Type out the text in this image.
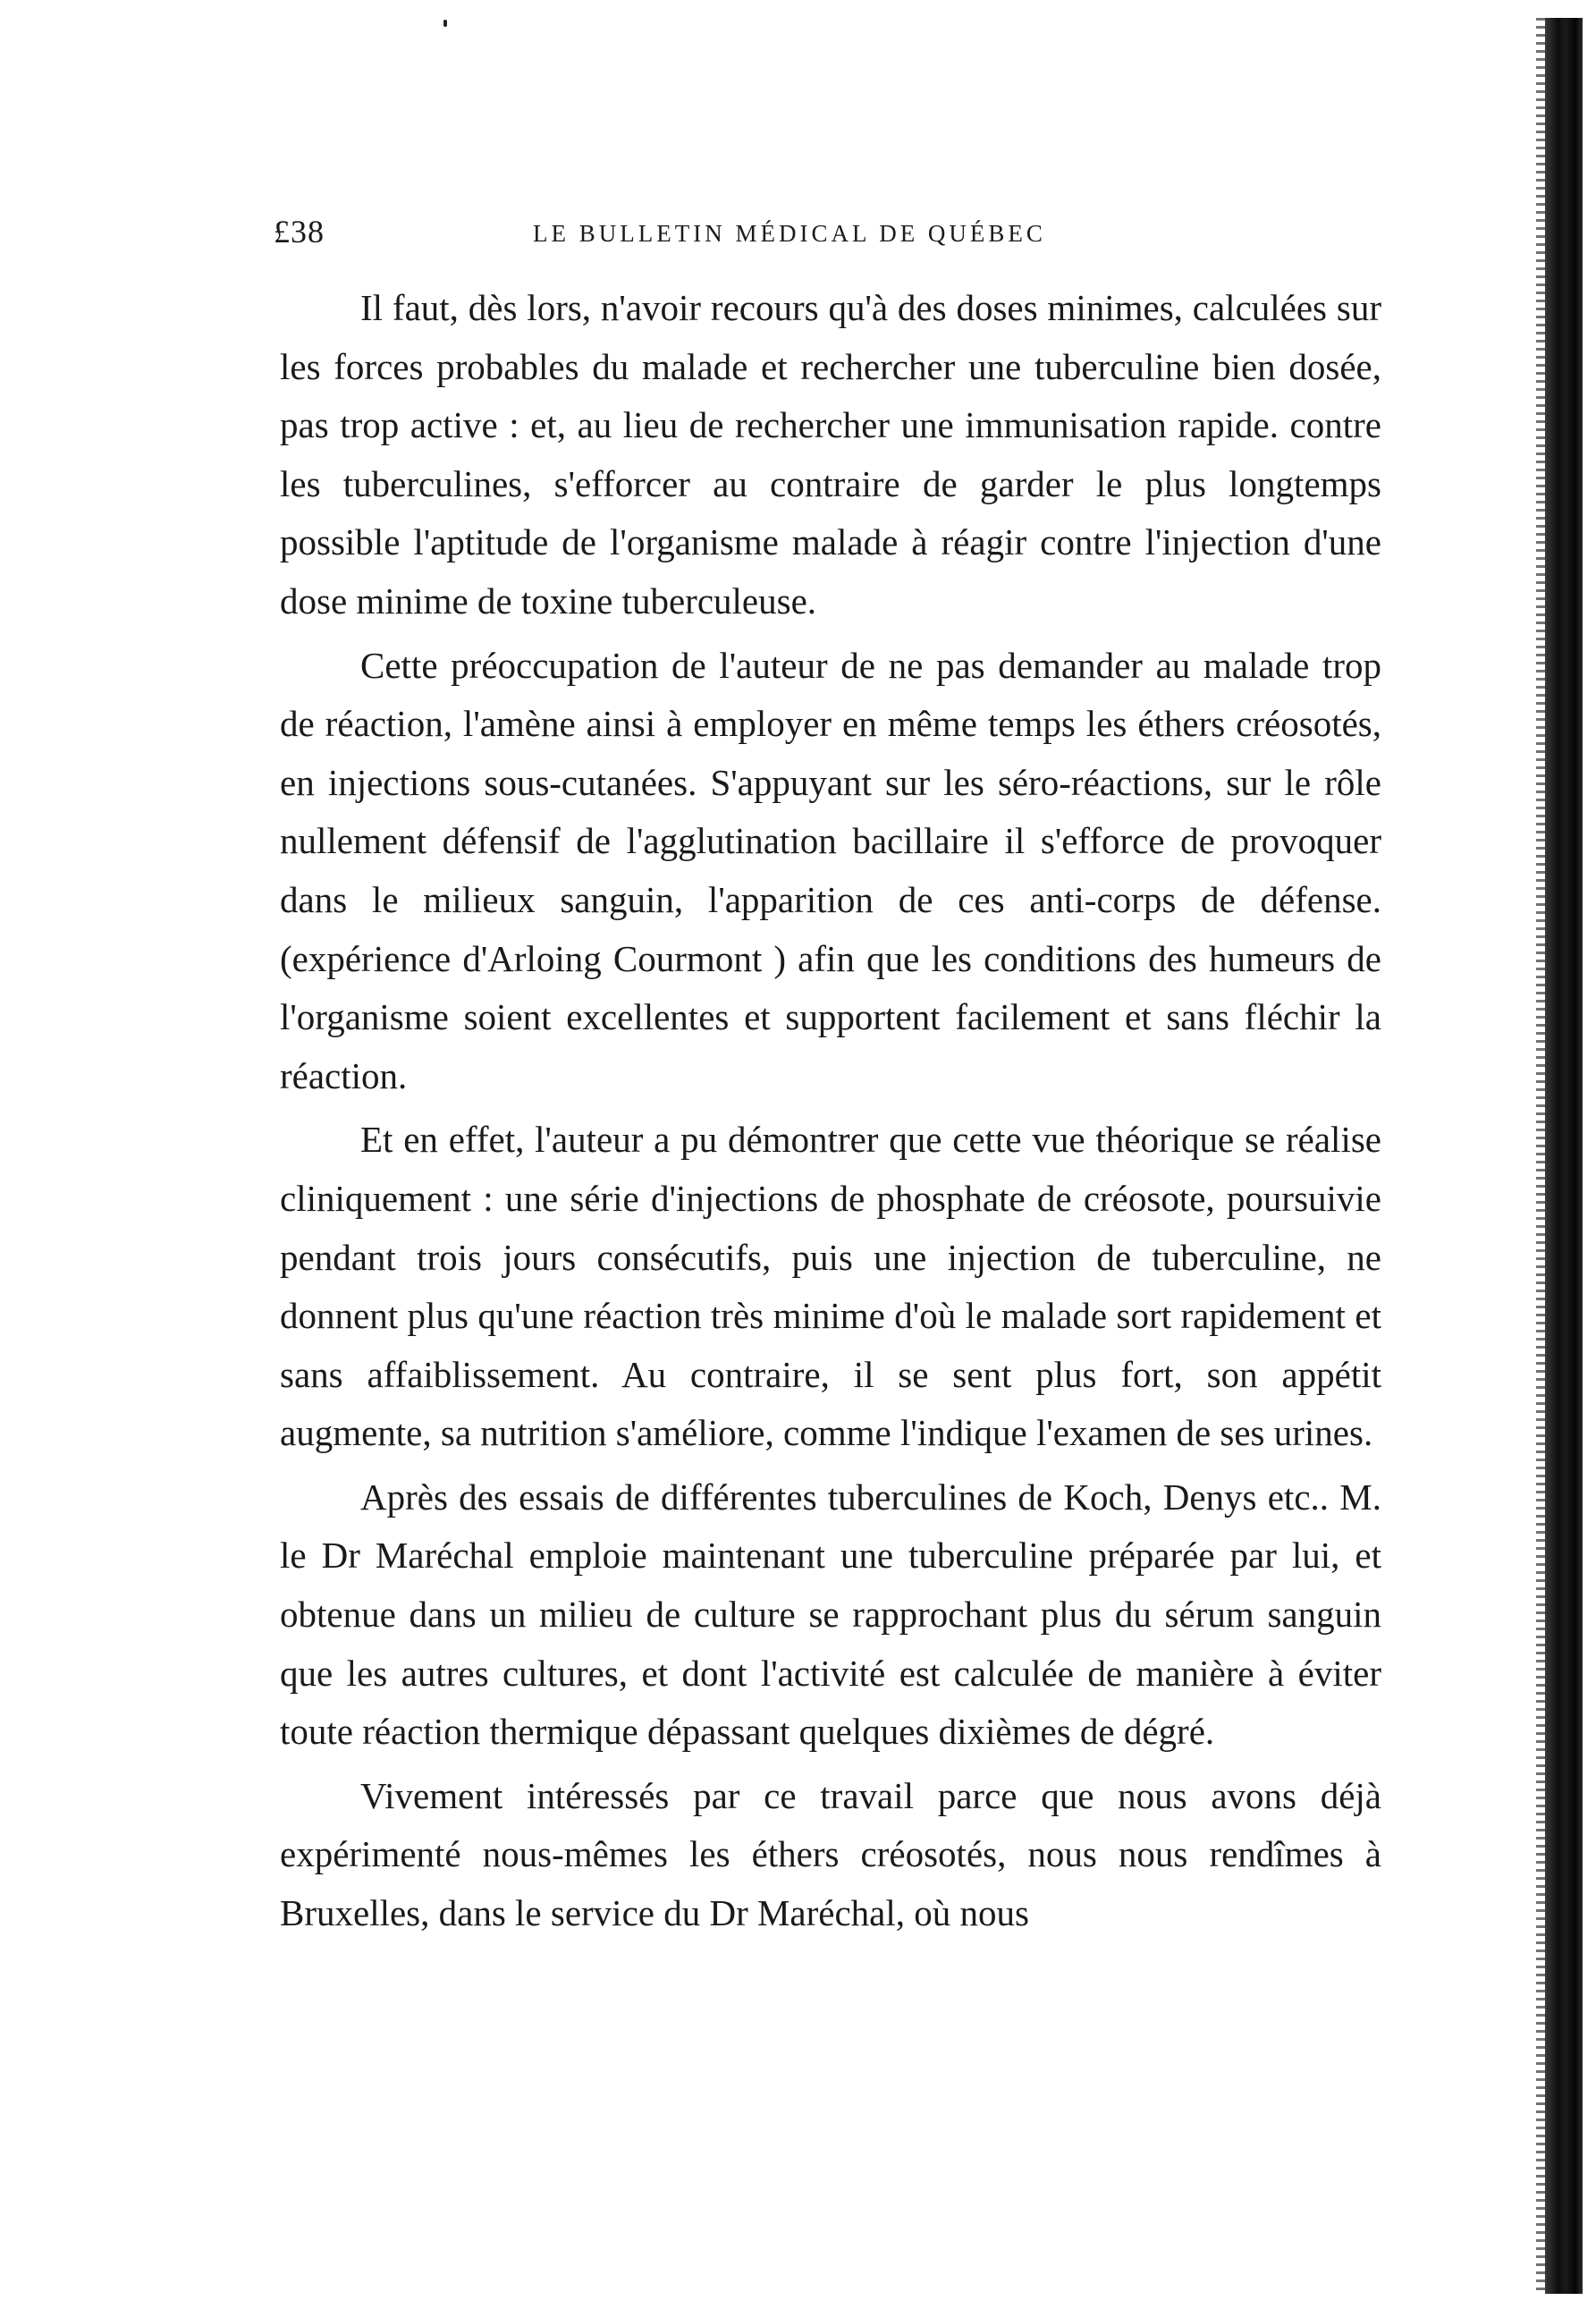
£38	LE BULLETIN MÉDICAL DE QUÉBEC

Il faut, dès lors, n'avoir recours qu'à des doses minimes, calculées sur les forces probables du malade et rechercher une tuberculine bien dosée, pas trop active : et, au lieu de rechercher une immunisation rapide. contre les tuberculines, s'efforcer au contraire de garder le plus longtemps possible l'aptitude de l'organisme malade à réagir contre l'injection d'une dose minime de toxine tuberculeuse.

Cette préoccupation de l'auteur de ne pas demander au malade trop de réaction, l'amène ainsi à employer en même temps les éthers créosotés, en injections sous-cutanées. S'appuyant sur les séro-réactions, sur le rôle nullement défensif de l'agglutination bacillaire il s'efforce de provoquer dans le milieux sanguin, l'apparition de ces anti-corps de défense. (expérience d'Arloing Courmont ) afin que les conditions des humeurs de l'organisme soient excellentes et supportent facilement et sans fléchir la réaction.

Et en effet, l'auteur a pu démontrer que cette vue théorique se réalise cliniquement : une série d'injections de phosphate de créosote, poursuivie pendant trois jours consécutifs, puis une injection de tuberculine, ne donnent plus qu'une réaction très minime d'où le malade sort rapidement et sans affaiblissement. Au contraire, il se sent plus fort, son appétit augmente, sa nutrition s'améliore, comme l'indique l'examen de ses urines.

Après des essais de différentes tuberculines de Koch, Denys etc.. M. le Dr Maréchal emploie maintenant une tuberculine préparée par lui, et obtenue dans un milieu de culture se rapprochant plus du sérum sanguin que les autres cultures, et dont l'activité est calculée de manière à éviter toute réaction thermique dépassant quelques dixièmes de dégré.

Vivement intéressés par ce travail parce que nous avons déjà expérimenté nous-mêmes les éthers créosotés, nous nous rendîmes à Bruxelles, dans le service du Dr Maréchal, où nous
